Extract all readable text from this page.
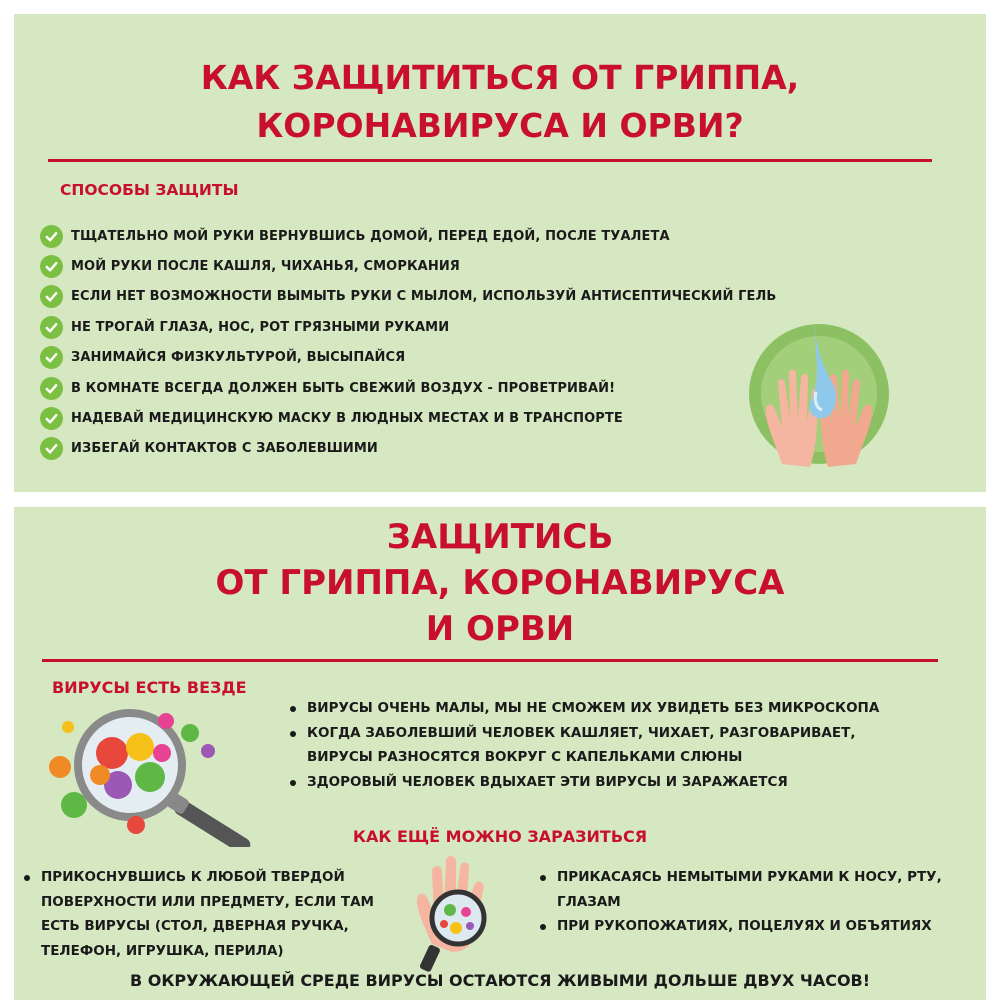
КАК ЗАЩИТИТЬСЯ ОТ ГРИППА,
КОРОНАВИРУСА И ОРВИ?
СПОСОБЫ ЗАЩИТЫ
ТЩАТЕЛЬНО МОЙ РУКИ ВЕРНУВШИСЬ ДОМОЙ, ПЕРЕД ЕДОЙ, ПОСЛЕ ТУАЛЕТА
МОЙ РУКИ ПОСЛЕ КАШЛЯ, ЧИХАНЬЯ, СМОРКАНИЯ
ЕСЛИ НЕТ ВОЗМОЖНОСТИ ВЫМЫТЬ РУКИ С МЫЛОМ, ИСПОЛЬЗУЙ АНТИСЕПТИЧЕСКИЙ ГЕЛЬ
НЕ ТРОГАЙ ГЛАЗА, НОС, РОТ ГРЯЗНЫМИ РУКАМИ
ЗАНИМАЙСЯ ФИЗКУЛЬТУРОЙ, ВЫСЫПАЙСЯ
В КОМНАТЕ ВСЕГДА ДОЛЖЕН БЫТЬ СВЕЖИЙ ВОЗДУХ - ПРОВЕТРИВАЙ!
НАДЕВАЙ МЕДИЦИНСКУЮ МАСКУ В ЛЮДНЫХ МЕСТАХ И В ТРАНСПОРТЕ
ИЗБЕГАЙ КОНТАКТОВ С ЗАБОЛЕВШИМИ
ЗАЩИТИСЬ
ОТ ГРИППА, КОРОНАВИРУСА
И ОРВИ
ВИРУСЫ ЕСТЬ ВЕЗДЕ
ВИРУСЫ ОЧЕНЬ МАЛЫ, МЫ НЕ СМОЖЕМ ИХ УВИДЕТЬ БЕЗ МИКРОСКОПА
КОГДА ЗАБОЛЕВШИЙ ЧЕЛОВЕК КАШЛЯЕТ, ЧИХАЕТ, РАЗГОВАРИВАЕТ, ВИРУСЫ РАЗНОСЯТСЯ ВОКРУГ С КАПЕЛЬКАМИ СЛЮНЫ
ЗДОРОВЫЙ ЧЕЛОВЕК ВДЫХАЕТ ЭТИ ВИРУСЫ И ЗАРАЖАЕТСЯ
КАК ЕЩЁ МОЖНО ЗАРАЗИТЬСЯ
ПРИКОСНУВШИСЬ К ЛЮБОЙ ТВЕРДОЙ ПОВЕРХНОСТИ ИЛИ ПРЕДМЕТУ, ЕСЛИ ТАМ ЕСТЬ ВИРУСЫ (СТОЛ, ДВЕРНАЯ РУЧКА, ТЕЛЕФОН, ИГРУШКА, ПЕРИЛА)
ПРИКАСАЯСЬ НЕМЫТЫМИ РУКАМИ К НОСУ, РТУ, ГЛАЗАМ
ПРИ РУКОПОЖАТИЯХ, ПОЦЕЛУЯХ И ОБЪЯТИЯХ
В ОКРУЖАЮЩЕЙ СРЕДЕ ВИРУСЫ ОСТАЮТСЯ ЖИВЫМИ ДОЛЬШЕ ДВУХ ЧАСОВ!
